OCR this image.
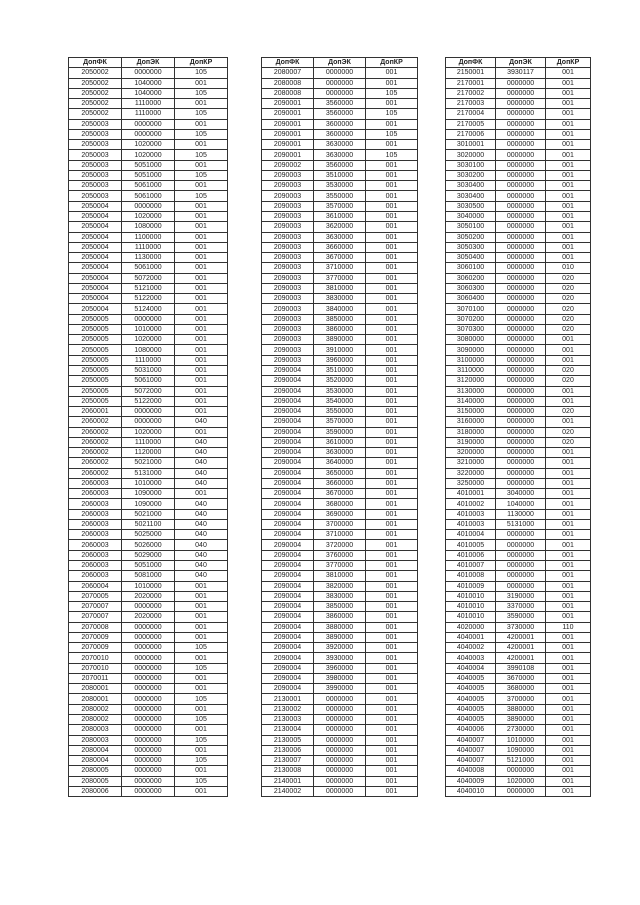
ДопФК	ДопЭК	ДопКР
2050002	0000000	105
2050002	1040000	001
2050002	1040000	105
2050002	1110000	001
2050002	1110000	105
2050003	0000000	001
2050003	0000000	105
2050003	1020000	001
2050003	1020000	105
2050003	5051000	001
2050003	5051000	105
2050003	5061000	001
2050003	5061000	105
2050004	0000000	001
2050004	1020000	001
2050004	1080000	001
2050004	1100000	001
2050004	1110000	001
2050004	1130000	001
2050004	5061000	001
2050004	5072000	001
2050004	5121000	001
2050004	5122000	001
2050004	5124000	001
2050005	0000000	001
2050005	1010000	001
2050005	1020000	001
2050005	1080000	001
2050005	1110000	001
2050005	5031000	001
2050005	5061000	001
2050005	5072000	001
2050005	5122000	001
2060001	0000000	001
2060002	0000000	040
2060002	1020000	001
2060002	1110000	040
2060002	1120000	040
2060002	5021000	040
2060002	5131000	040
2060003	1010000	040
2060003	1090000	001
2060003	1090000	040
2060003	5021000	040
2060003	5021100	040
2060003	5025000	040
2060003	5026000	040
2060003	5029000	040
2060003	5051000	040
2060003	5081000	040
2060004	1010000	001
2070005	2020000	001
2070007	0000000	001
2070007	2020000	001
2070008	0000000	001
2070009	0000000	001
2070009	0000000	105
2070010	0000000	001
2070010	0000000	105
2070011	0000000	001
2080001	0000000	001
2080001	0000000	105
2080002	0000000	001
2080002	0000000	105
2080003	0000000	001
2080003	0000000	105
2080004	0000000	001
2080004	0000000	105
2080005	0000000	001
2080005	0000000	105
2080006	0000000	001
ДопФК	ДопЭК	ДопКР
2080007	0000000	001
2080008	0000000	001
2080008	0000000	105
2090001	3560000	001
2090001	3560000	105
2090001	3600000	001
2090001	3600000	105
2090001	3630000	001
2090001	3630000	105
2090002	3560000	001
2090003	3510000	001
2090003	3530000	001
2090003	3550000	001
2090003	3570000	001
2090003	3610000	001
2090003	3620000	001
2090003	3630000	001
2090003	3660000	001
2090003	3670000	001
2090003	3710000	001
2090003	3770000	001
2090003	3810000	001
2090003	3830000	001
2090003	3840000	001
2090003	3850000	001
2090003	3860000	001
2090003	3890000	001
2090003	3910000	001
2090003	3960000	001
2090004	3510000	001
2090004	3520000	001
2090004	3530000	001
2090004	3540000	001
2090004	3550000	001
2090004	3570000	001
2090004	3590000	001
2090004	3610000	001
2090004	3630000	001
2090004	3640000	001
2090004	3650000	001
2090004	3660000	001
2090004	3670000	001
2090004	3680000	001
2090004	3690000	001
2090004	3700000	001
2090004	3710000	001
2090004	3720000	001
2090004	3760000	001
2090004	3770000	001
2090004	3810000	001
2090004	3820000	001
2090004	3830000	001
2090004	3850000	001
2090004	3860000	001
2090004	3880000	001
2090004	3890000	001
2090004	3920000	001
2090004	3930000	001
2090004	3960000	001
2090004	3980000	001
2090004	3990000	001
2130001	0000000	001
2130002	0000000	001
2130003	0000000	001
2130004	0000000	001
2130005	0000000	001
2130006	0000000	001
2130007	0000000	001
2130008	0000000	001
2140001	0000000	001
2140002	0000000	001
ДопФК	ДопЭК	ДопКР
2150001	3930117	001
2170001	0000000	001
2170002	0000000	001
2170003	0000000	001
2170004	0000000	001
2170005	0000000	001
2170006	0000000	001
3010001	0000000	001
3020000	0000000	001
3030100	0000000	001
3030200	0000000	001
3030400	0000000	001
3030400	0000000	001
3030500	0000000	001
3040000	0000000	001
3050100	0000000	001
3050200	0000000	001
3050300	0000000	001
3050400	0000000	001
3060100	0000000	010
3060200	0000000	020
3060300	0000000	020
3060400	0000000	020
3070100	0000000	020
3070200	0000000	020
3070300	0000000	020
3080000	0000000	001
3090000	0000000	001
3100000	0000000	001
3110000	0000000	020
3120000	0000000	020
3130000	0000000	001
3140000	0000000	001
3150000	0000000	020
3160000	0000000	001
3180000	0000000	020
3190000	0000000	020
3200000	0000000	001
3210000	0000000	001
3220000	0000000	001
3250000	0000000	001
4010001	3040000	001
4010002	1040000	001
4010003	1130000	001
4010003	5131000	001
4010004	0000000	001
4010005	0000000	001
4010006	0000000	001
4010007	0000000	001
4010008	0000000	001
4010009	0000000	001
4010010	3190000	001
4010010	3370000	001
4010010	3590000	001
4020000	3730000	110
4040001	4200001	001
4040002	4200001	001
4040003	4200001	001
4040004	3990108	001
4040005	3670000	001
4040005	3680000	001
4040005	3700000	001
4040005	3880000	001
4040005	3890000	001
4040006	2730000	001
4040007	1010000	001
4040007	1090000	001
4040007	5121000	001
4040008	0000000	001
4040009	1020000	001
4040010	0000000	001
